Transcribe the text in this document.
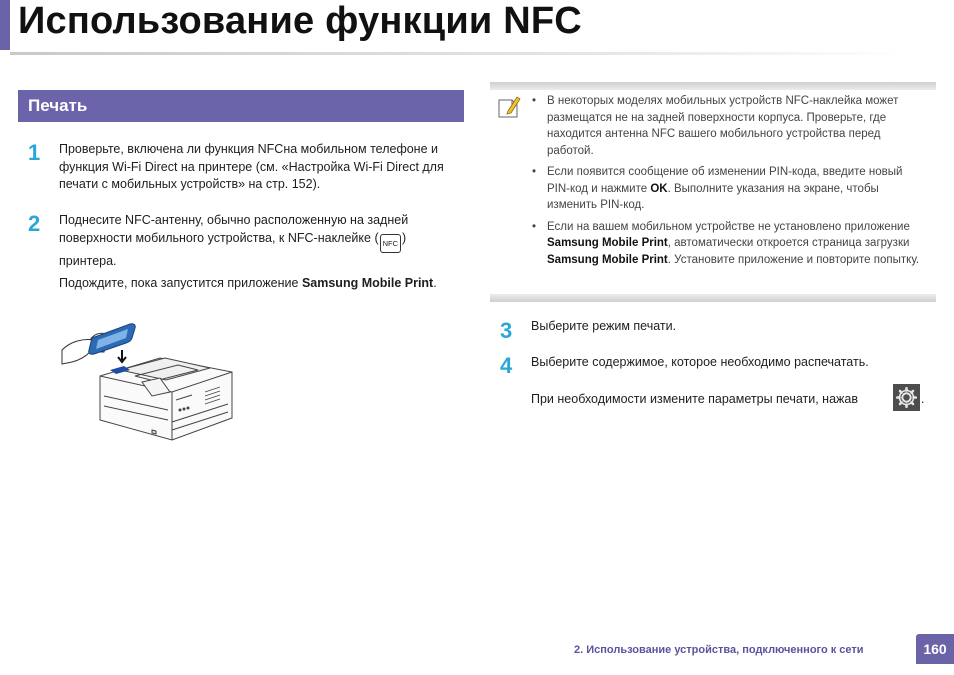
Использование функции NFC
Печать
1 Проверьте, включена ли функция NFCна мобильном телефоне и функция Wi-Fi Direct на принтере (см. «Настройка Wi-Fi Direct для печати с мобильных устройств» на стр. 152).
2 Поднесите NFC-антенну, обычно расположенную на задней поверхности мобильного устройства, к NFC-наклейке ( NFC ) принтера.
Подождите, пока запустится приложение Samsung Mobile Print.
• В некоторых моделях мобильных устройств NFC-наклейка может размещатся не на задней поверхности корпуса. Проверьте, где находится антенна NFC вашего мобильного устройства перед работой.
• Если появится сообщение об изменении PIN-кода, введите новый PIN-код и нажмите OK. Выполните указания на экране, чтобы изменить PIN-код.
• Если на вашем мобильном устройстве не установлено приложение Samsung Mobile Print, автоматически откроется страница загрузки Samsung Mobile Print. Установите приложение и повторите попытку.
3 Выберите режим печати.
4 Выберите содержимое, которое необходимо распечатать.
При необходимости измените параметры печати, нажав	.
2. Использование устройства, подключенного к сети	160
